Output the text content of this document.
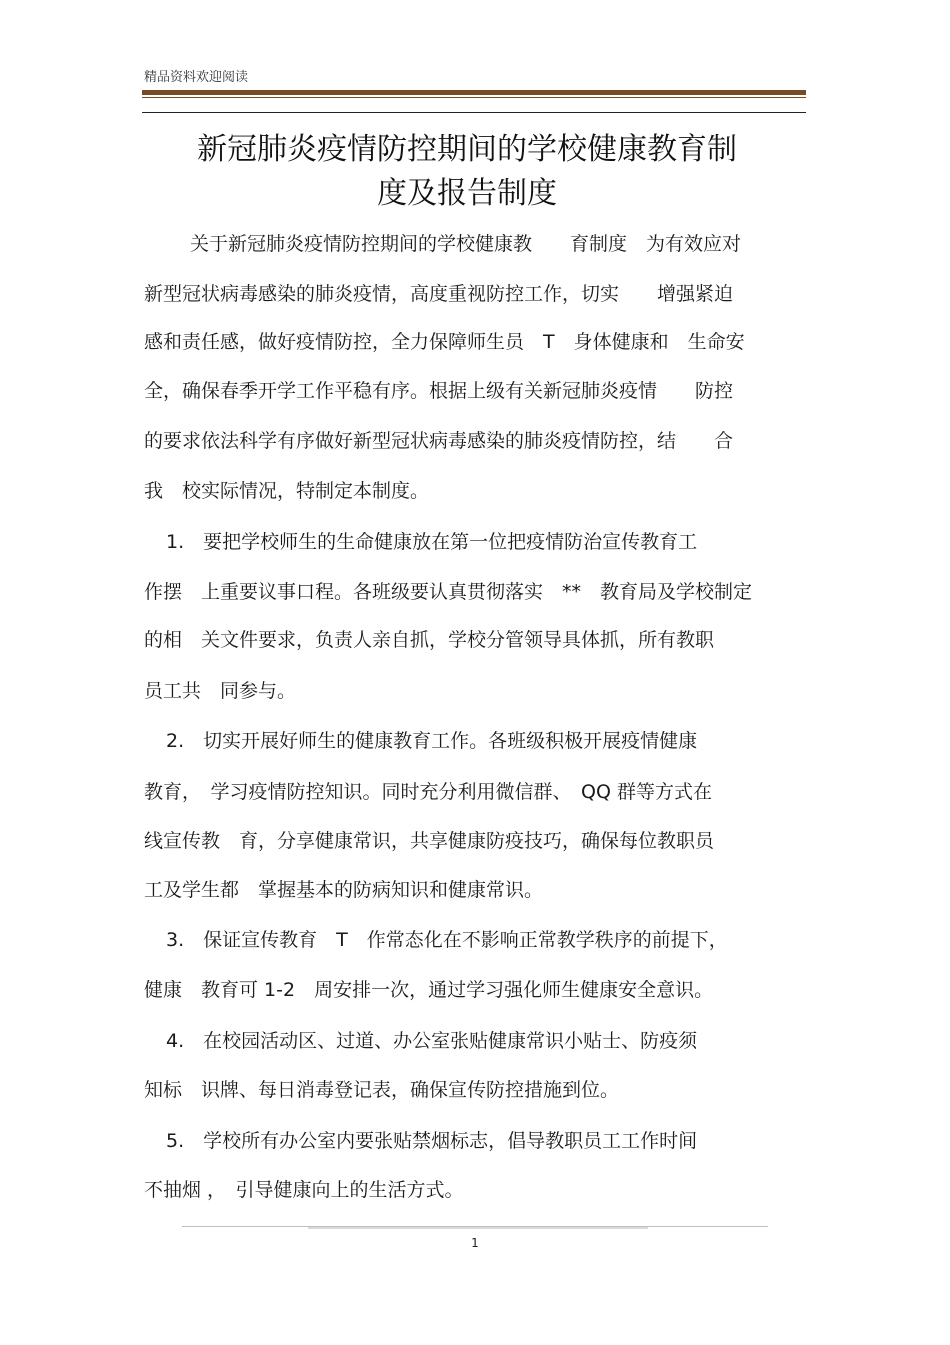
精品资料欢迎阅读
新冠肺炎疫情防控期间的学校健康教育制
度及报告制度
关于新冠肺炎疫情防控期间的学校健康教　　育制度　为有效应对
新型冠状病毒感染的肺炎疫情，高度重视防控工作，切实　　增强紧迫
感和责任感，做好疫情防控，全力保障师生员　T　身体健康和　生命安
全，确保春季开学工作平稳有序。根据上级有关新冠肺炎疫情　　防控
的要求依法科学有序做好新型冠状病毒感染的肺炎疫情防控，结　　合
我　校实际情况，特制定本制度。
1.　要把学校师生的生命健康放在第一位把疫情防治宣传教育工
作摆　上重要议事口程。各班级要认真贯彻落实　**　教育局及学校制定
的相　关文件要求，负责人亲自抓，学校分管领导具体抓，所有教职
员工共　同参与。
2.　切实开展好师生的健康教育工作。各班级积极开展疫情健康
教育，　学习疫情防控知识。同时充分利用微信群、　QQ 群等方式在
线宣传教　育，分享健康常识，共享健康防疫技巧，确保每位教职员
工及学生都　掌握基本的防病知识和健康常识。
3.　保证宣传教育　T　作常态化在不影响正常教学秩序的前提下，
健康　教育可 1-2　周安排一次，通过学习强化师生健康安全意识。
4.　在校园活动区、过道、办公室张贴健康常识小贴士、防疫须
知标　识牌、每日消毒登记表，确保宣传防控措施到位。
5.　学校所有办公室内要张贴禁烟标志，倡导教职员工工作时间
不抽烟 ，　引导健康向上的生活方式。
1
